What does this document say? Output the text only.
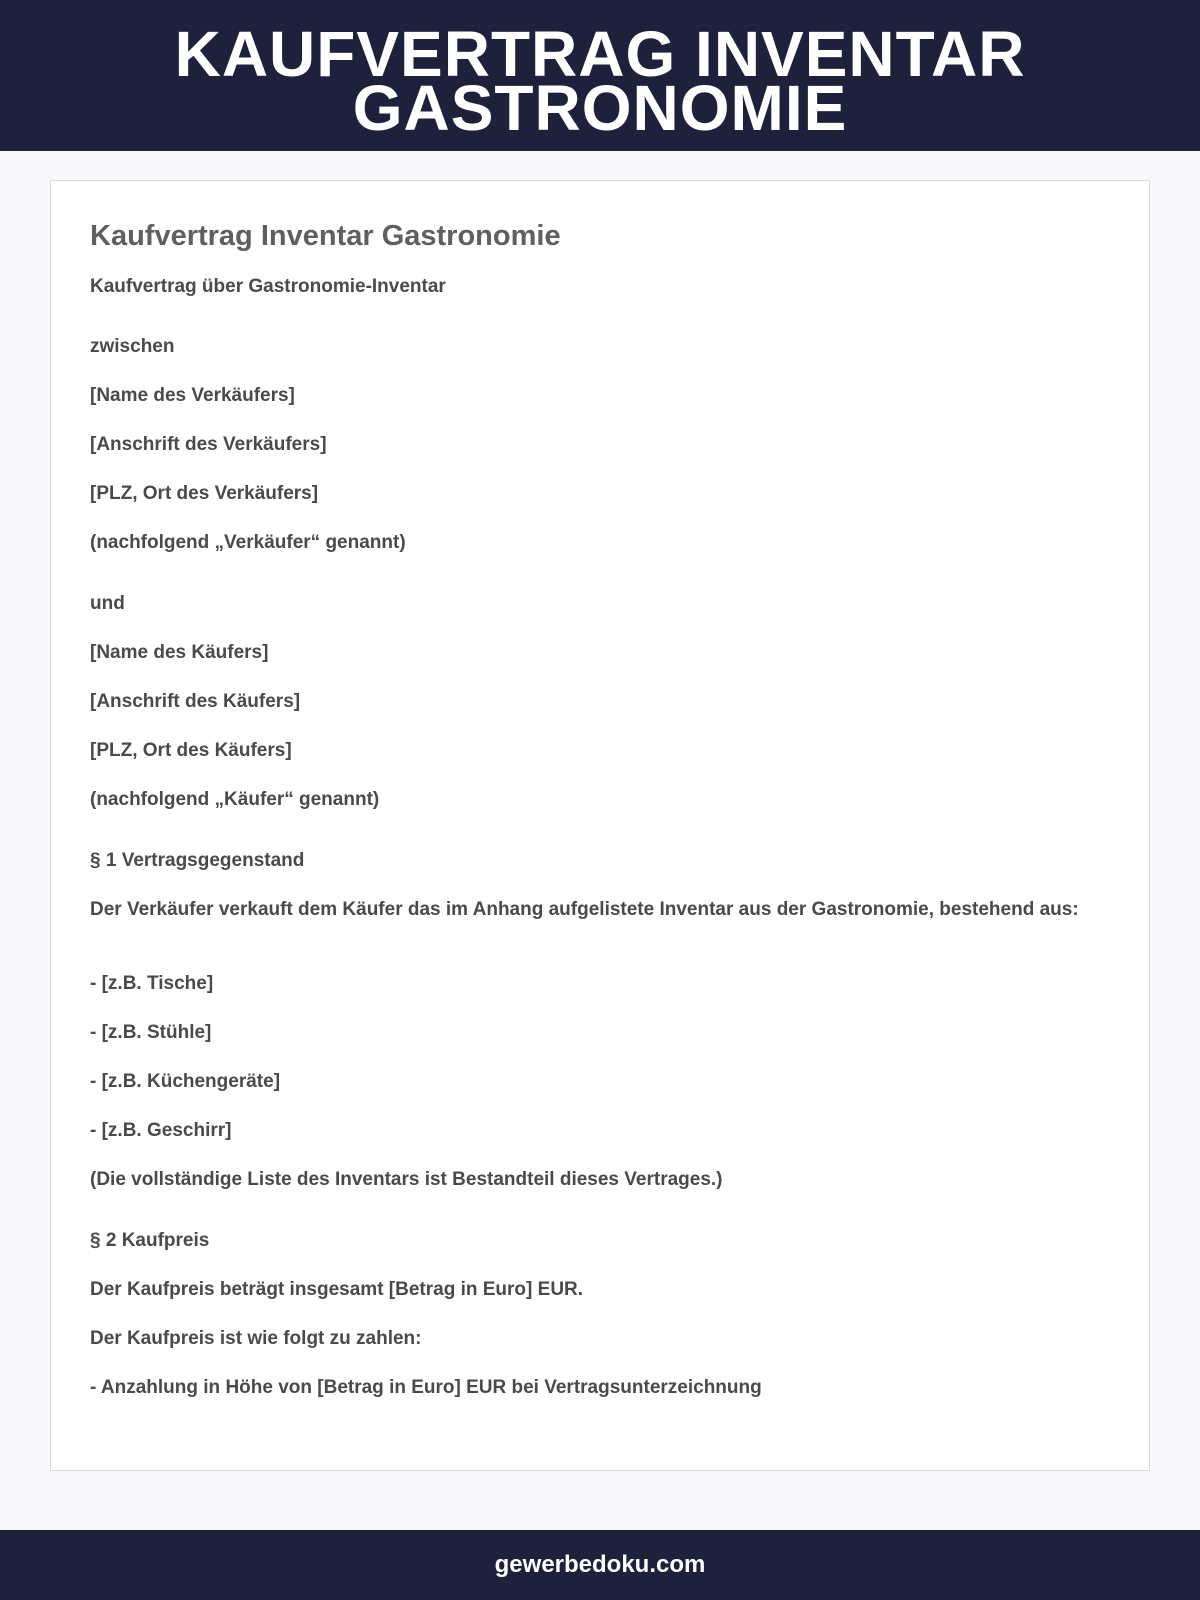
KAUFVERTRAG INVENTAR
GASTRONOMIE
Kaufvertrag Inventar Gastronomie

Kaufvertrag über Gastronomie-Inventar

zwischen

[Name des Verkäufers]

[Anschrift des Verkäufers]

[PLZ, Ort des Verkäufers]

(nachfolgend „Verkäufer“ genannt)

und

[Name des Käufers]

[Anschrift des Käufers]

[PLZ, Ort des Käufers]

(nachfolgend „Käufer“ genannt)

§ 1 Vertragsgegenstand

Der Verkäufer verkauft dem Käufer das im Anhang aufgelistete Inventar aus der Gastronomie, bestehend aus:

- [z.B. Tische]

- [z.B. Stühle]

- [z.B. Küchengeräte]

- [z.B. Geschirr]

(Die vollständige Liste des Inventars ist Bestandteil dieses Vertrages.)

§ 2 Kaufpreis

Der Kaufpreis beträgt insgesamt [Betrag in Euro] EUR.

Der Kaufpreis ist wie folgt zu zahlen:

- Anzahlung in Höhe von [Betrag in Euro] EUR bei Vertragsunterzeichnung

gewerbedoku.com
